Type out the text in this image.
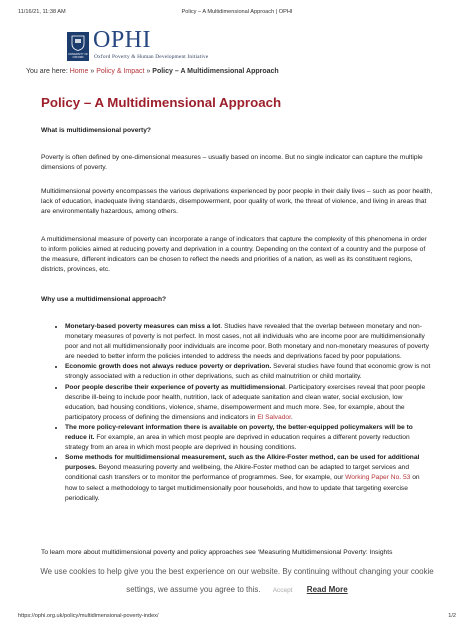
11/16/21, 11:38 AM	Policy – A Multidimensional Approach | OPHI
UNIVERSITY OF OXFORD
OPHI
Oxford Poverty & Human Development Initiative
You are here: Home » Policy & Impact » Policy – A Multidimensional Approach
Policy – A Multidimensional Approach

What is multidimensional poverty?

Poverty is often defined by one-dimensional measures – usually based on income. But no single indicator can capture the multiple dimensions of poverty.

Multidimensional poverty encompasses the various deprivations experienced by poor people in their daily lives – such as poor health, lack of education, inadequate living standards, disempowerment, poor quality of work, the threat of violence, and living in areas that are environmentally hazardous, among others.

A multidimensional measure of poverty can incorporate a range of indicators that capture the complexity of this phenomena in order to inform policies aimed at reducing poverty and deprivation in a country. Depending on the context of a country and the purpose of the measure, different indicators can be chosen to reflect the needs and priorities of a nation, as well as its constituent regions, districts, provinces, etc.

Why use a multidimensional approach?

• Monetary-based poverty measures can miss a lot. Studies have revealed that the overlap between monetary and non-monetary measures of poverty is not perfect. In most cases, not all individuals who are income poor are multidimensionally poor and not all multidimensionally poor individuals are income poor. Both monetary and non-monetary measures of poverty are needed to better inform the policies intended to address the needs and deprivations faced by poor populations.
• Economic growth does not always reduce poverty or deprivation. Several studies have found that economic grow is not strongly associated with a reduction in other deprivations, such as child malnutrition or child mortality.
• Poor people describe their experience of poverty as multidimensional. Participatory exercises reveal that poor people describe ill-being to include poor health, nutrition, lack of adequate sanitation and clean water, social exclusion, low education, bad housing conditions, violence, shame, disempowerment and much more. See, for example, about the participatory process of defining the dimensions and indicators in El Salvador.
• The more policy-relevant information there is available on poverty, the better-equipped policymakers will be to reduce it. For example, an area in which most people are deprived in education requires a different poverty reduction strategy from an area in which most people are deprived in housing conditions.
• Some methods for multidimensional measurement, such as the Alkire-Foster method, can be used for additional purposes. Beyond measuring poverty and wellbeing, the Alkire-Foster method can be adapted to target services and conditional cash transfers or to monitor the performance of programmes. See, for example, our Working Paper No. 53 on how to select a methodology to target multidimensionally poor households, and how to update that targeting exercise periodically.

To learn more about multidimensional poverty and policy approaches see ‘Measuring Multidimensional Poverty: Insights

We use cookies to help give you the best experience on our website. By continuing without changing your cookie
settings, we assume you agree to this. Accept Read More
https://ophi.org.uk/policy/multidimensional-poverty-index/	1/2
